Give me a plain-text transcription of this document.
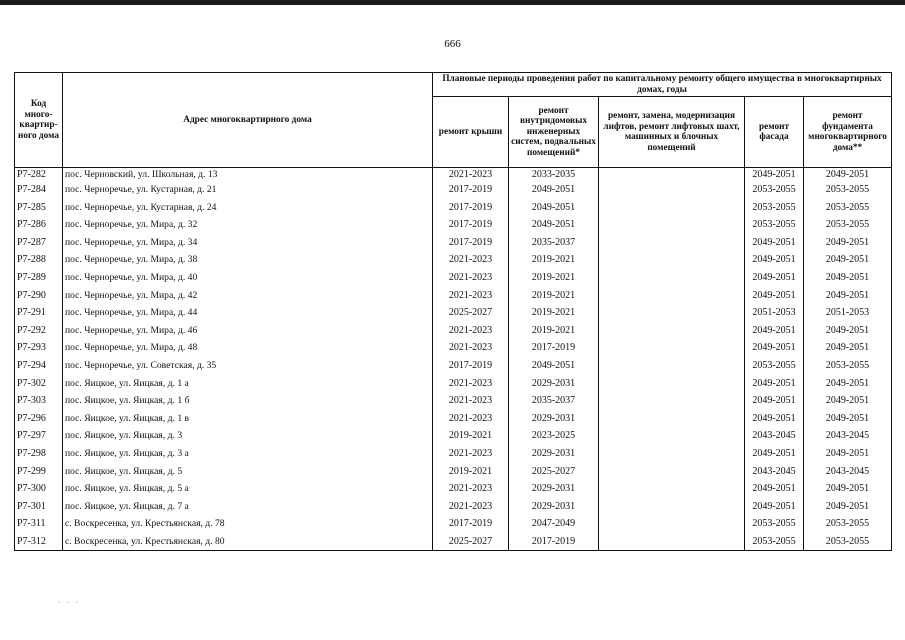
666
Код много-квартир-ного дома	Адрес многоквартирного дома	Плановые периоды проведения работ по капитальному ремонту общего имущества в многоквартирных домах, годы				
		ремонт крыши	ремонт внутридомовых инженерных систем, подвальных помещений*	ремонт, замена, модернизация лифтов, ремонт лифтовых шахт, машинных и блочных помещений	ремонт фасада	ремонт фундамента многоквартирного дома**
Р7-282	пос. Черновский, ул. Школьная, д. 13	2021-2023	2033-2035		2049-2051	2049-2051
Р7-284	пос. Черноречье, ул. Кустарная, д. 21	2017-2019	2049-2051		2053-2055	2053-2055
Р7-285	пос. Черноречье, ул. Кустарная, д. 24	2017-2019	2049-2051		2053-2055	2053-2055
Р7-286	пос. Черноречье, ул. Мира, д. 32	2017-2019	2049-2051		2053-2055	2053-2055
Р7-287	пос. Черноречье, ул. Мира, д. 34	2017-2019	2035-2037		2049-2051	2049-2051
Р7-288	пос. Черноречье, ул. Мира, д. 38	2021-2023	2019-2021		2049-2051	2049-2051
Р7-289	пос. Черноречье, ул. Мира, д. 40	2021-2023	2019-2021		2049-2051	2049-2051
Р7-290	пос. Черноречье, ул. Мира, д. 42	2021-2023	2019-2021		2049-2051	2049-2051
Р7-291	пос. Черноречье, ул. Мира, д. 44	2025-2027	2019-2021		2051-2053	2051-2053
Р7-292	пос. Черноречье, ул. Мира, д. 46	2021-2023	2019-2021		2049-2051	2049-2051
Р7-293	пос. Черноречье, ул. Мира, д. 48	2021-2023	2017-2019		2049-2051	2049-2051
Р7-294	пос. Черноречье, ул. Советская, д. 35	2017-2019	2049-2051		2053-2055	2053-2055
Р7-302	пос. Яицкое, ул. Яицкая, д. 1 а	2021-2023	2029-2031		2049-2051	2049-2051
Р7-303	пос. Яицкое, ул. Яицкая, д. 1 б	2021-2023	2035-2037		2049-2051	2049-2051
Р7-296	пос. Яицкое, ул. Яицкая, д. 1 в	2021-2023	2029-2031		2049-2051	2049-2051
Р7-297	пос. Яицкое, ул. Яицкая, д. 3	2019-2021	2023-2025		2043-2045	2043-2045
Р7-298	пос. Яицкое, ул. Яицкая, д. 3 а	2021-2023	2029-2031		2049-2051	2049-2051
Р7-299	пос. Яицкое, ул. Яицкая, д. 5	2019-2021	2025-2027		2043-2045	2043-2045
Р7-300	пос. Яицкое, ул. Яицкая, д. 5 а	2021-2023	2029-2031		2049-2051	2049-2051
Р7-301	пос. Яицкое, ул. Яицкая, д. 7 а	2021-2023	2029-2031		2049-2051	2049-2051
Р7-311	с. Воскресенка, ул. Крестьянская, д. 78	2017-2019	2047-2049		2053-2055	2053-2055
Р7-312	с. Воскресенка, ул. Крестьянская, д. 80	2025-2027	2017-2019		2053-2055	2053-2055
· · ·
